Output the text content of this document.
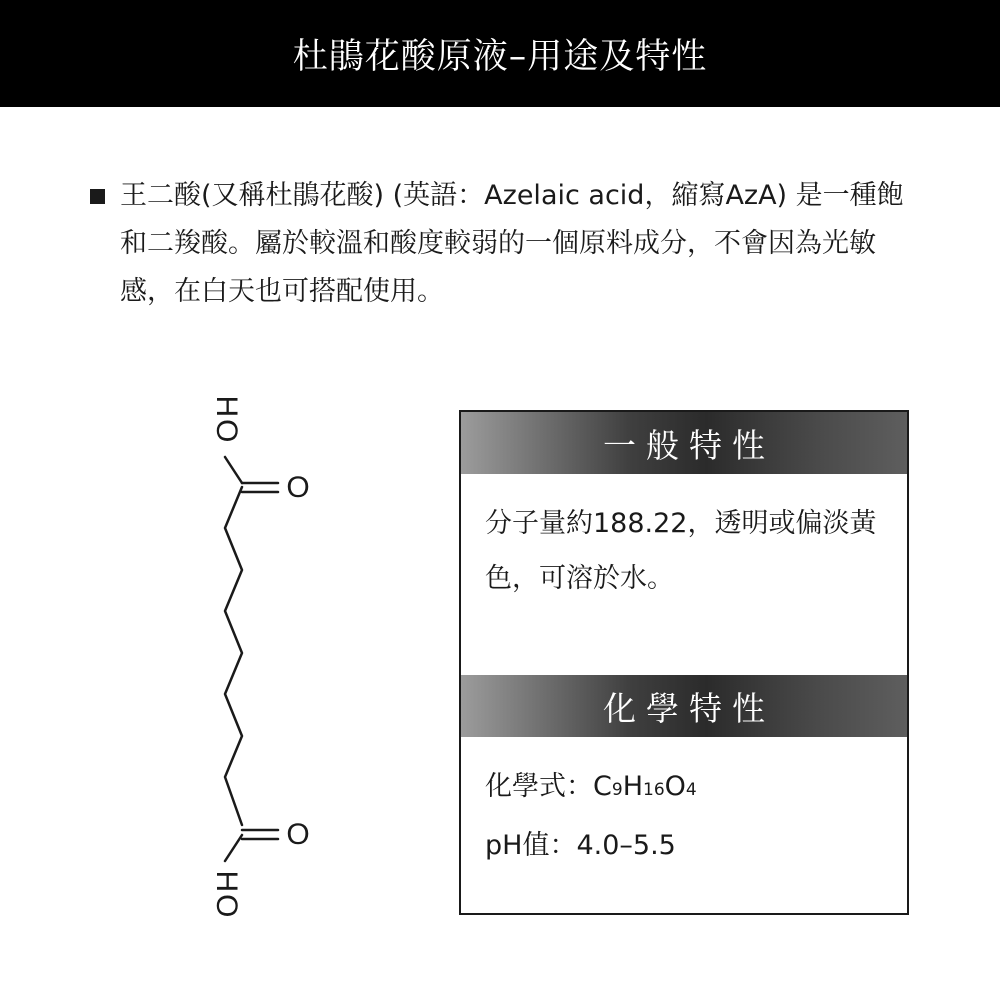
杜鵑花酸原液–用途及特性
王二酸(又稱杜鵑花酸) (英語：Azelaic acid，縮寫AzA) 是一種飽和二羧酸。屬於較溫和酸度較弱的一個原料成分，不會因為光敏感，在白天也可搭配使用。
HO
O
O
HO
一般特性
分子量約188.22，透明或偏淡黃色，可溶於水。
化學特性
化學式：C9H16O4
pH值：4.0–5.5
